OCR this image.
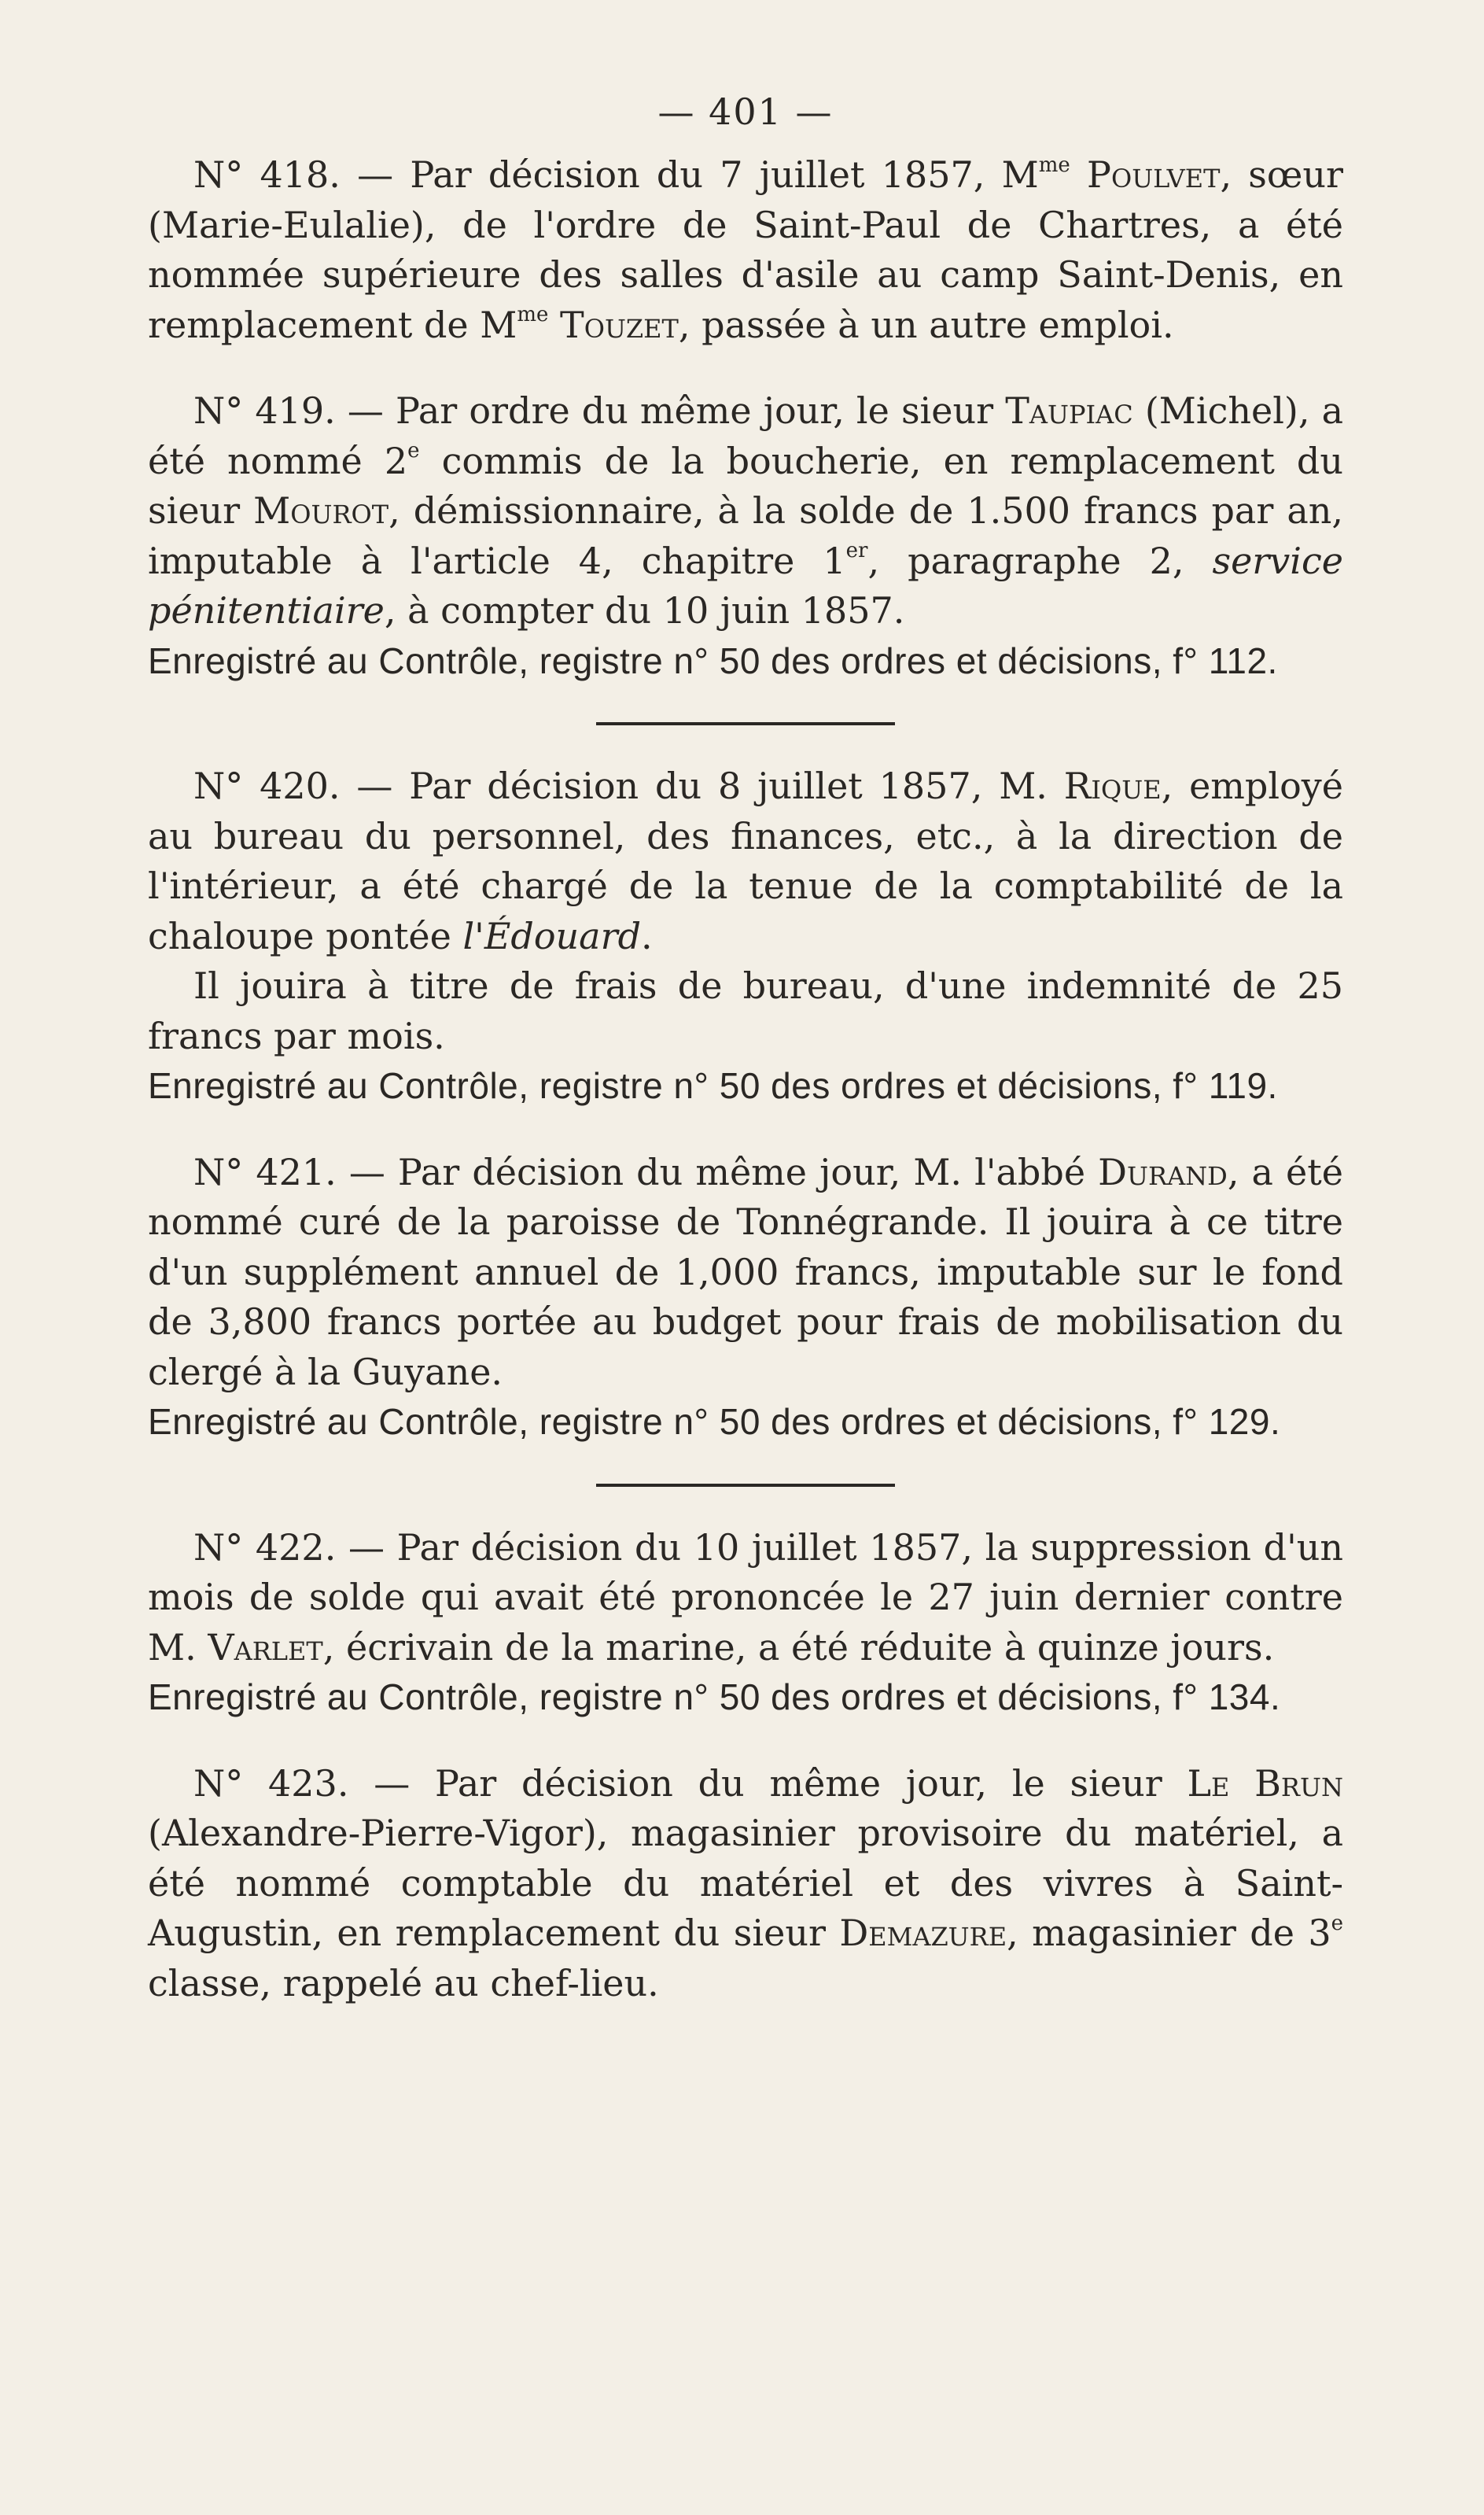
— 401 —

N° 418. — Par décision du 7 juillet 1857, $M^{me}$ Poulvet, sœur (Marie-Eulalie), de l'ordre de Saint-Paul de Chartres, a été nommée supérieure des salles d'asile au camp Saint-Denis, en remplacement de $M^{me}$ Touzet, passée à un autre emploi.

N° 419. — Par ordre du même jour, le sieur Taupiac (Michel), a été nommé 2e commis de la boucherie, en remplacement du sieur Mourot, démissionnaire, à la solde de 1.500 francs par an, imputable à l'article 4, chapitre 1er, paragraphe 2, service pénitentiaire, à compter du 10 juin 1857.

Enregistré au Contrôle, registre n° 50 des ordres et décisions, f° 112.

N° 420. — Par décision du 8 juillet 1857, M. Rique, employé au bureau du personnel, des finances, etc., à la direction de l'intérieur, a été chargé de la tenue de la comptabilité de la chaloupe pontée l'Édouard.

Il jouira à titre de frais de bureau, d'une indemnité de 25 francs par mois.

Enregistré au Contrôle, registre n° 50 des ordres et décisions, f° 119.

N° 421. — Par décision du même jour, M. l'abbé Durand, a été nommé curé de la paroisse de Tonnégrande. Il jouira à ce titre d'un supplément annuel de 1,000 francs, imputable sur le fond de 3,800 francs portée au budget pour frais de mobilisation du clergé à la Guyane.

Enregistré au Contrôle, registre n° 50 des ordres et décisions, f° 129.

N° 422. — Par décision du 10 juillet 1857, la suppression d'un mois de solde qui avait été prononcée le 27 juin dernier contre M. Varlet, écrivain de la marine, a été réduite à quinze jours.

Enregistré au Contrôle, registre n° 50 des ordres et décisions, f° 134.

N° 423. — Par décision du même jour, le sieur Le Brun (Alexandre-Pierre-Vigor), magasinier provisoire du matériel, a été nommé comptable du matériel et des vivres à Saint-Augustin, en remplacement du sieur Demazure, magasinier de 3e classe, rappelé au chef-lieu.
